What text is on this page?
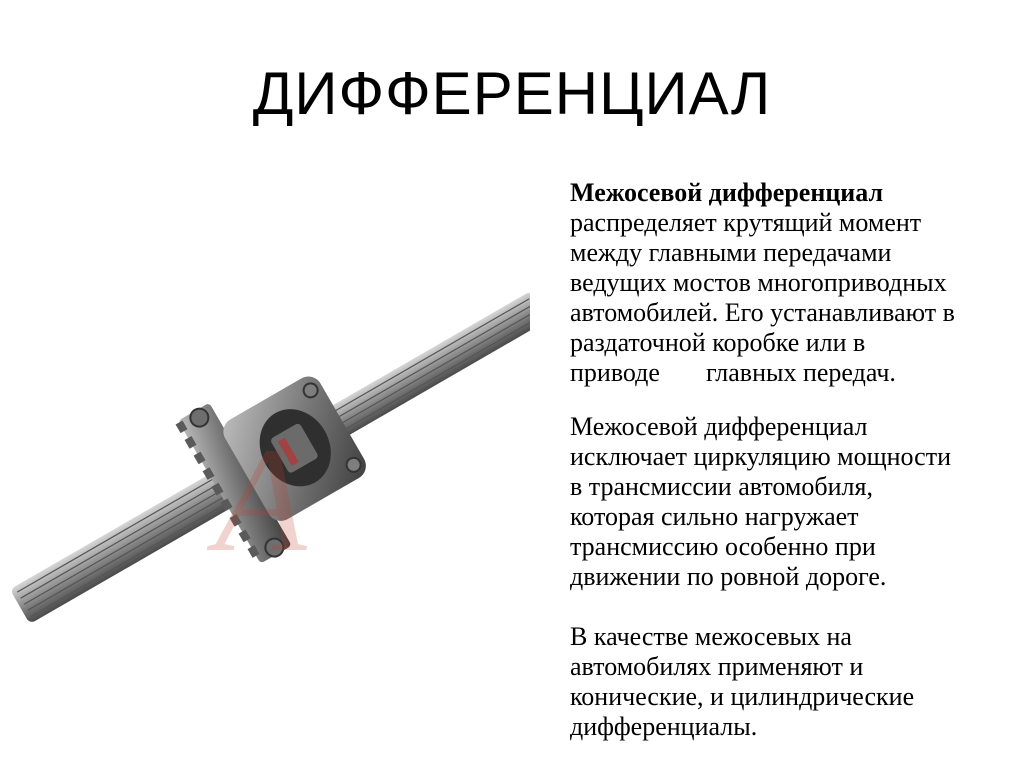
ДИФФЕРЕНЦИАЛ
A

Межосевой дифференциал
распределяет крутящий момент
между главными передачами
ведущих мостов многоприводных
автомобилей. Его устанавливают в
раздаточной коробке или в
приводе главных передач.

Межосевой дифференциал
исключает циркуляцию мощности
в трансмиссии автомобиля,
которая сильно нагружает
трансмиссию особенно при
движении по ровной дороге.

В качестве межосевых на
автомобилях применяют и
конические, и цилиндрические
дифференциалы.
